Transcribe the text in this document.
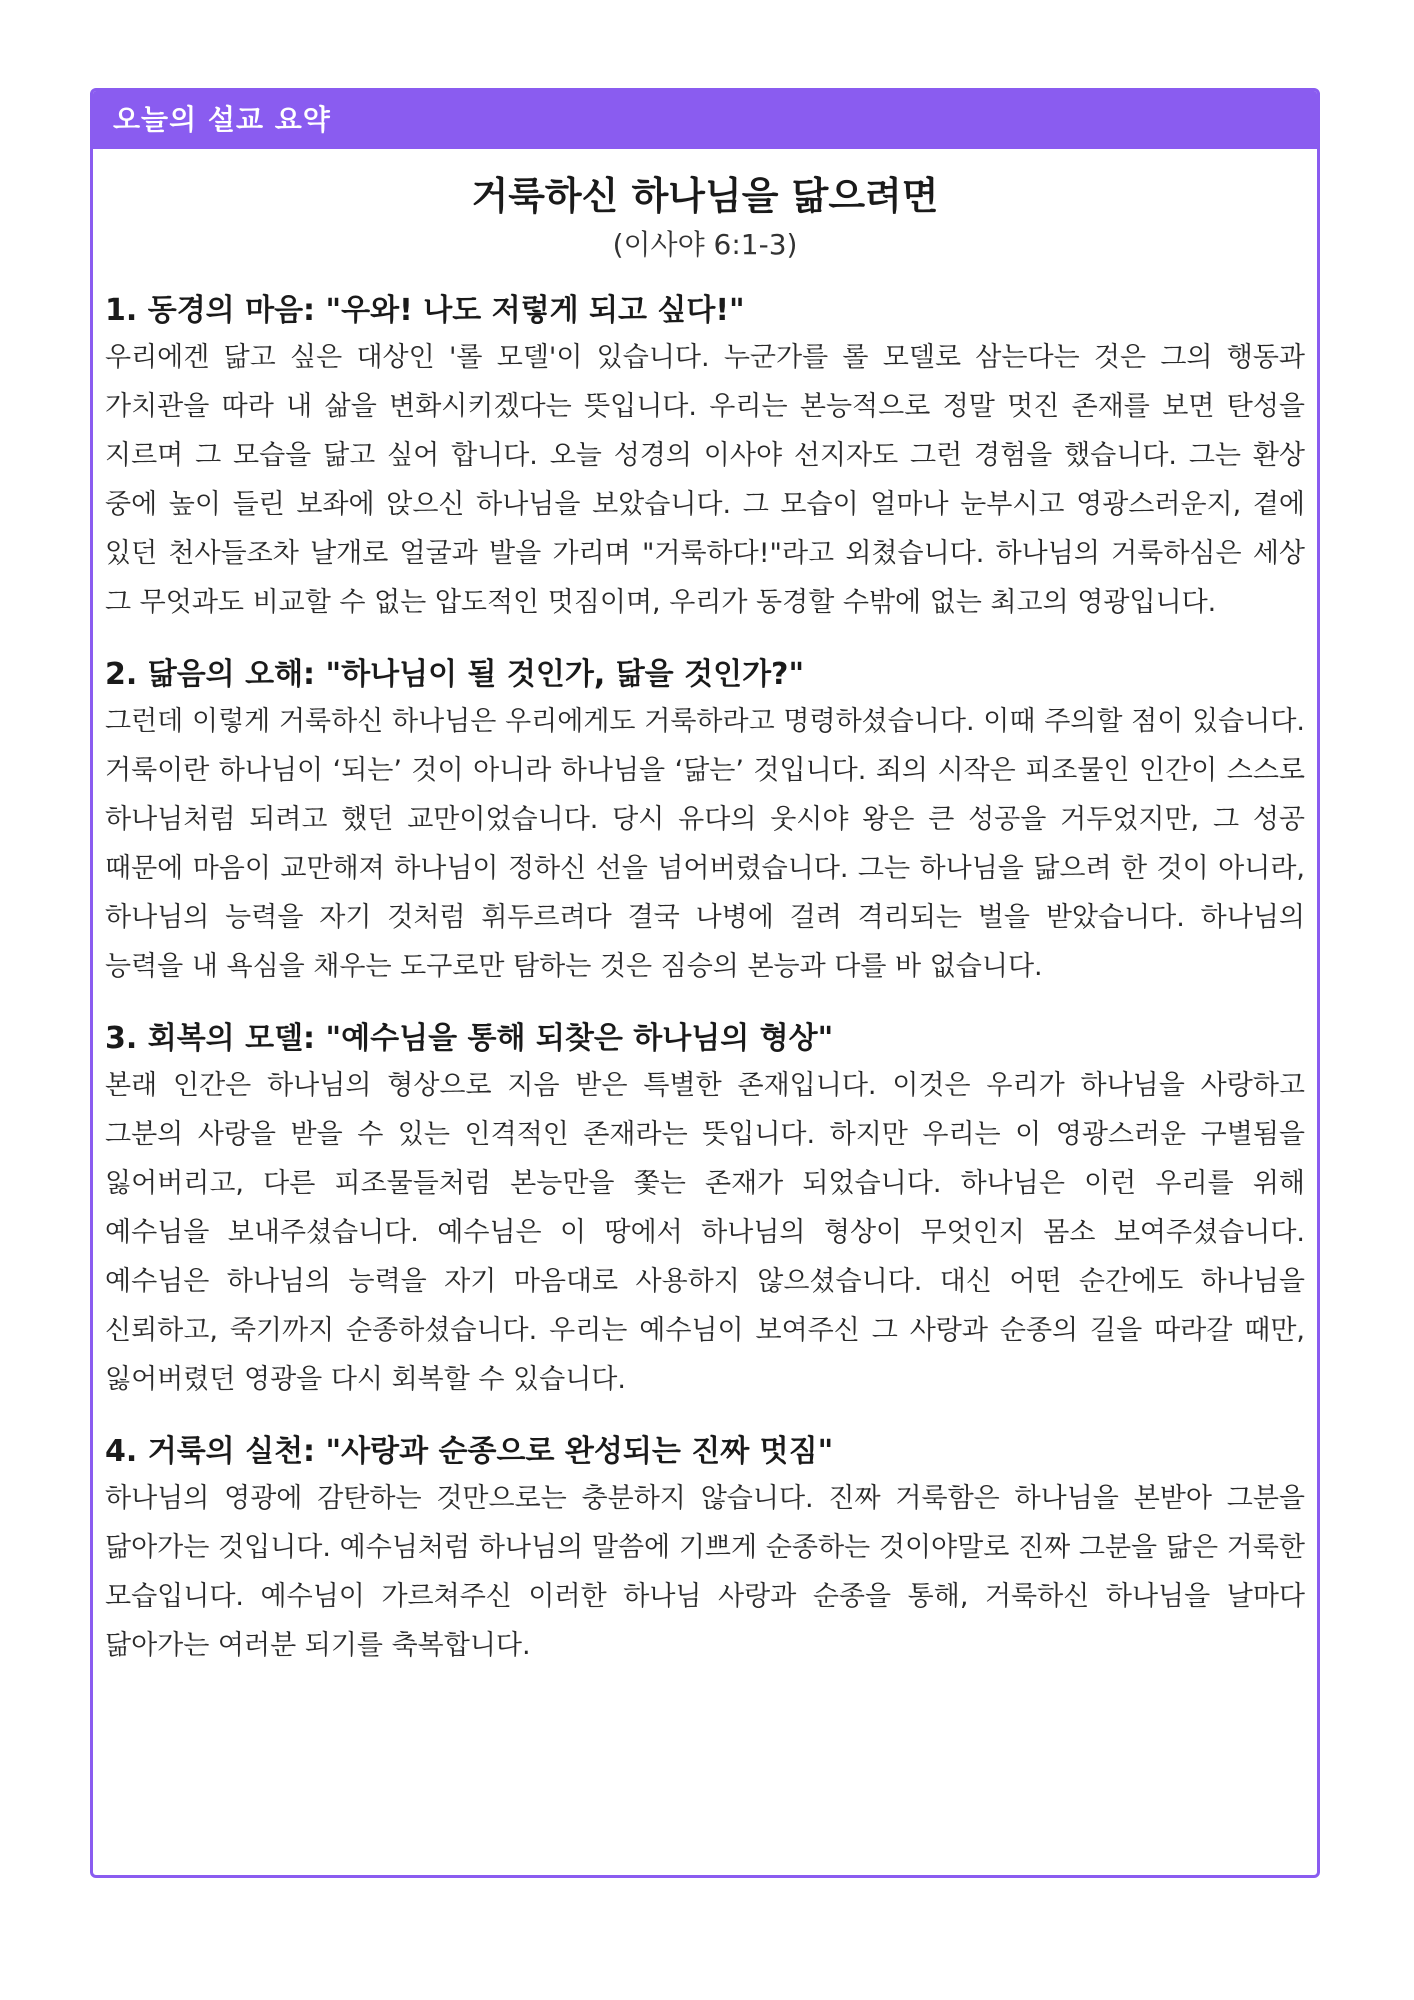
오늘의 설교 요약
거룩하신 하나님을 닮으려면
(이사야 6:1-3)

1. 동경의 마음: "우와! 나도 저렇게 되고 싶다!"

우리에겐 닮고 싶은 대상인 '롤 모델'이 있습니다. 누군가를 롤 모델로 삼는다는 것은 그의 행동과 가치관을 따라 내 삶을 변화시키겠다는 뜻입니다. 우리는 본능적으로 정말 멋진 존재를 보면 탄성을 지르며 그 모습을 닮고 싶어 합니다. 오늘 성경의 이사야 선지자도 그런 경험을 했습니다. 그는 환상 중에 높이 들린 보좌에 앉으신 하나님을 보았습니다. 그 모습이 얼마나 눈부시고 영광스러운지, 곁에 있던 천사들조차 날개로 얼굴과 발을 가리며 "거룩하다!"라고 외쳤습니다. 하나님의 거룩하심은 세상 그 무엇과도 비교할 수 없는 압도적인 멋짐이며, 우리가 동경할 수밖에 없는 최고의 영광입니다.

2. 닮음의 오해: "하나님이 될 것인가, 닮을 것인가?"

그런데 이렇게 거룩하신 하나님은 우리에게도 거룩하라고 명령하셨습니다. 이때 주의할 점이 있습니다. 거룩이란 하나님이 ‘되는’ 것이 아니라 하나님을 ‘닮는’ 것입니다. 죄의 시작은 피조물인 인간이 스스로 하나님처럼 되려고 했던 교만이었습니다. 당시 유다의 웃시야 왕은 큰 성공을 거두었지만, 그 성공 때문에 마음이 교만해져 하나님이 정하신 선을 넘어버렸습니다. 그는 하나님을 닮으려 한 것이 아니라, 하나님의 능력을 자기 것처럼 휘두르려다 결국 나병에 걸려 격리되는 벌을 받았습니다. 하나님의 능력을 내 욕심을 채우는 도구로만 탐하는 것은 짐승의 본능과 다를 바 없습니다.

3. 회복의 모델: "예수님을 통해 되찾은 하나님의 형상"

본래 인간은 하나님의 형상으로 지음 받은 특별한 존재입니다. 이것은 우리가 하나님을 사랑하고 그분의 사랑을 받을 수 있는 인격적인 존재라는 뜻입니다. 하지만 우리는 이 영광스러운 구별됨을 잃어버리고, 다른 피조물들처럼 본능만을 쫓는 존재가 되었습니다. 하나님은 이런 우리를 위해 예수님을 보내주셨습니다. 예수님은 이 땅에서 하나님의 형상이 무엇인지 몸소 보여주셨습니다. 예수님은 하나님의 능력을 자기 마음대로 사용하지 않으셨습니다. 대신 어떤 순간에도 하나님을 신뢰하고, 죽기까지 순종하셨습니다. 우리는 예수님이 보여주신 그 사랑과 순종의 길을 따라갈 때만, 잃어버렸던 영광을 다시 회복할 수 있습니다.

4. 거룩의 실천: "사랑과 순종으로 완성되는 진짜 멋짐"

하나님의 영광에 감탄하는 것만으로는 충분하지 않습니다. 진짜 거룩함은 하나님을 본받아 그분을 닮아가는 것입니다. 예수님처럼 하나님의 말씀에 기쁘게 순종하는 것이야말로 진짜 그분을 닮은 거룩한 모습입니다. 예수님이 가르쳐주신 이러한 하나님 사랑과 순종을 통해, 거룩하신 하나님을 날마다 닮아가는 여러분 되기를 축복합니다.
